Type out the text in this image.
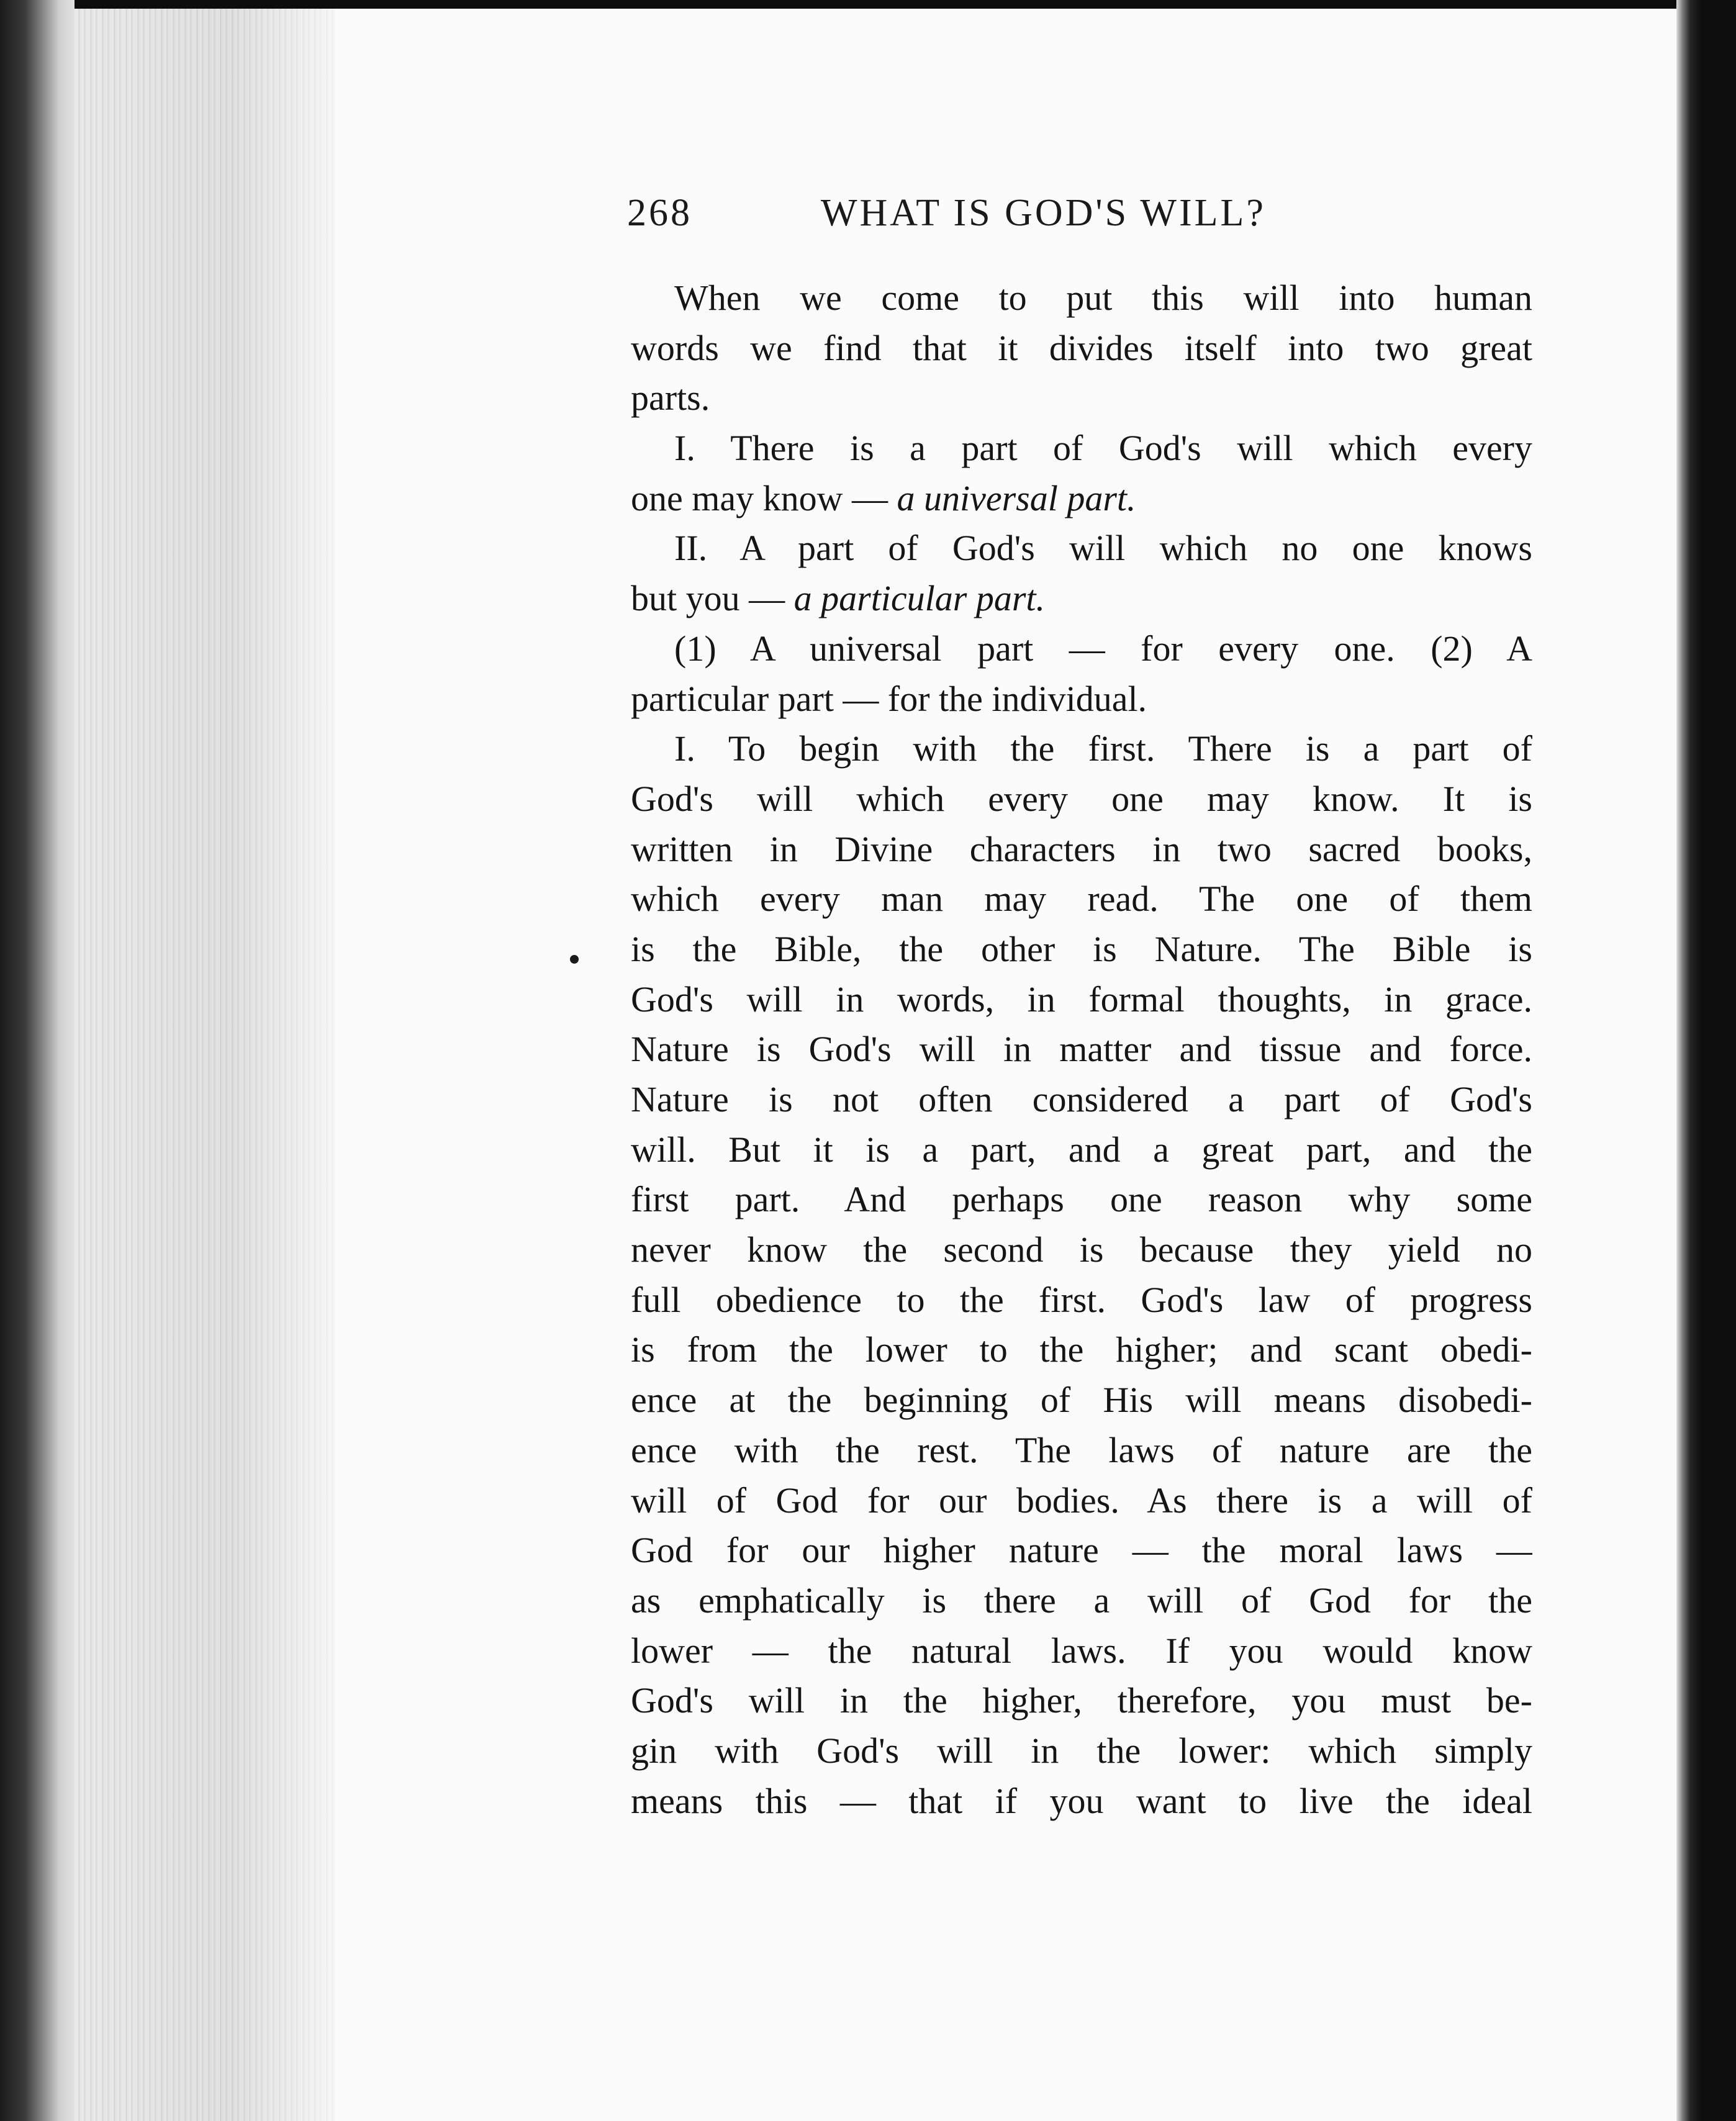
268	WHAT IS GOD'S WILL?
When we come to put this will into human
words we find that it divides itself into two great
parts.
I. There is a part of God's will which every
one may know — a universal part.
II. A part of God's will which no one knows
but you — a particular part.
(1) A universal part — for every one. (2) A
particular part — for the individual.
I. To begin with the first. There is a part of
God's will which every one may know. It is
written in Divine characters in two sacred books,
which every man may read. The one of them
is the Bible, the other is Nature. The Bible is
God's will in words, in formal thoughts, in grace.
Nature is God's will in matter and tissue and force.
Nature is not often considered a part of God's
will. But it is a part, and a great part, and the
first part. And perhaps one reason why some
never know the second is because they yield no
full obedience to the first. God's law of progress
is from the lower to the higher; and scant obedi-
ence at the beginning of His will means disobedi-
ence with the rest. The laws of nature are the
will of God for our bodies. As there is a will of
God for our higher nature — the moral laws —
as emphatically is there a will of God for the
lower — the natural laws. If you would know
God's will in the higher, therefore, you must be-
gin with God's will in the lower: which simply
means this — that if you want to live the ideal
